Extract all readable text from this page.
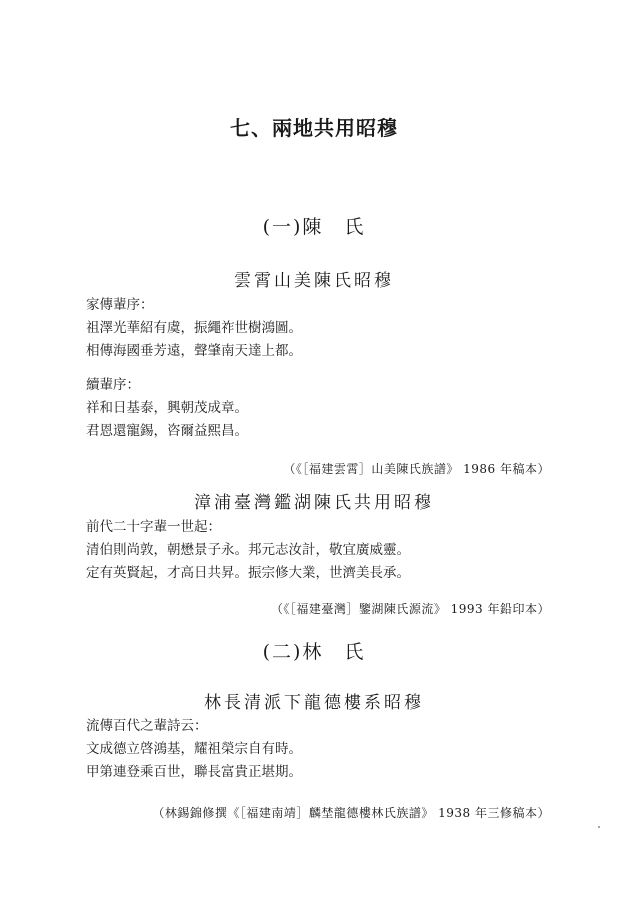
七、兩地共用昭穆
(一)陳　氏
雲霄山美陳氏昭穆
家傳輩序：
祖澤光華紹有虞，振繩祚世樹鴻圖。
相傳海國垂芳遠，聲肇南天達上都。
續輩序：
祥和日基泰，興朝茂成章。
君恩還寵錫，咨爾益熙昌。
（《［福建雲霄］山美陳氏族譜》 1986 年稿本）
漳浦臺灣鑑湖陳氏共用昭穆
前代二十字輩一世起：
清伯則尚敦，朝懋景子永。邦元志汝計，敬宜廣威靈。
定有英賢起，才高日共昇。振宗修大業，世濟美長承。
（《［福建臺灣］鑒湖陳氏源流》 1993 年鉛印本）
(二)林　氏
林長清派下龍德樓系昭穆
流傳百代之輩詩云：
文成德立啓鴻基，耀祖榮宗自有時。
甲第連登乘百世，聯長富貴正堪期。
（林錫錦修撰《［福建南靖］麟埜龍德樓林氏族譜》 1938 年三修稿本）
